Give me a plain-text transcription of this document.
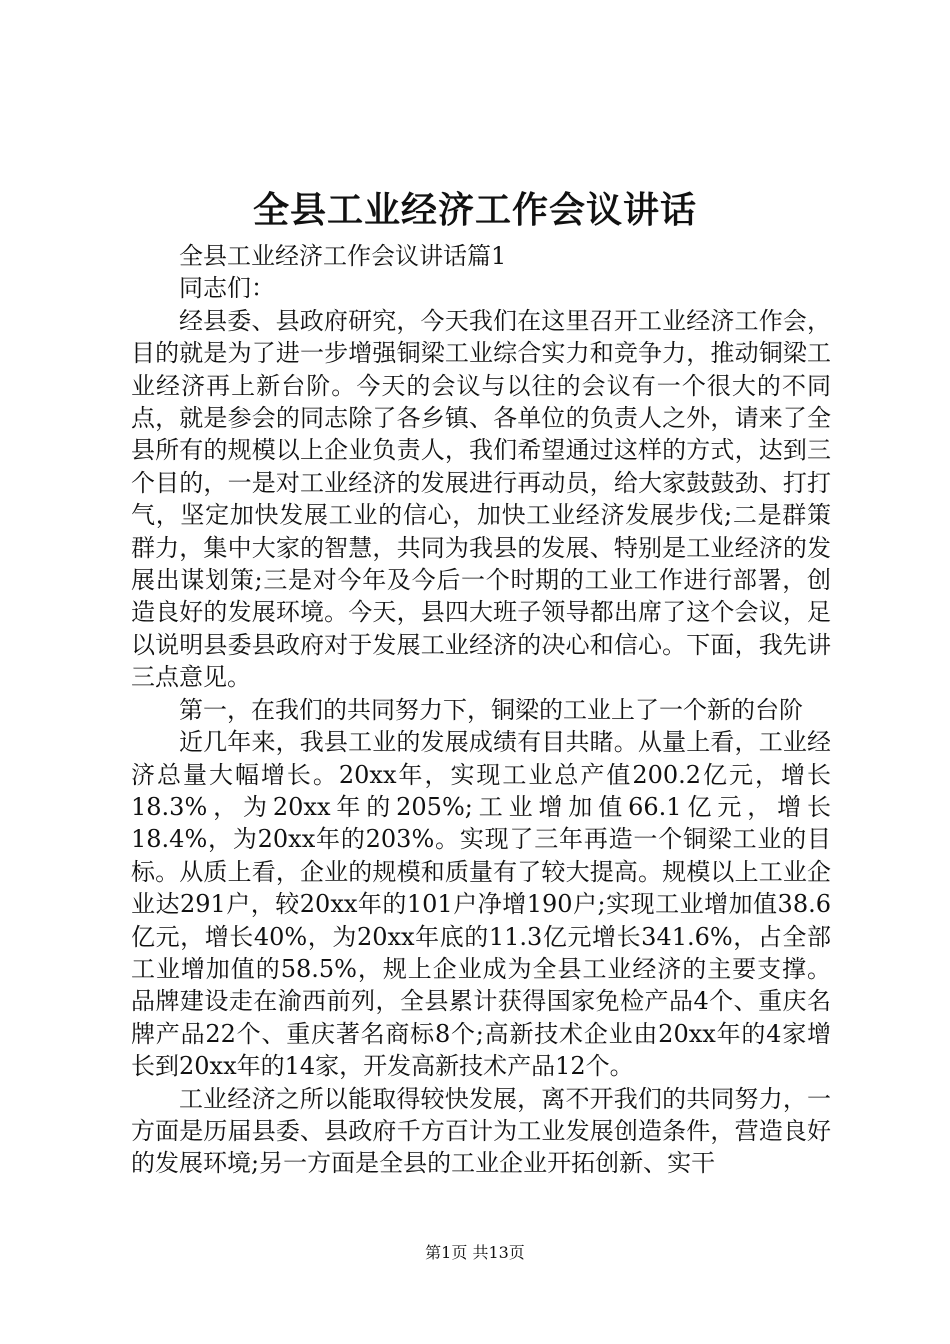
全县工业经济工作会议讲话

全县工业经济工作会议讲话篇1

同志们：

经县委、县政府研究，今天我们在这里召开工业经济工作会，目的就是为了进一步增强铜梁工业综合实力和竞争力，推动铜梁工业经济再上新台阶。今天的会议与以往的会议有一个很大的不同点，就是参会的同志除了各乡镇、各单位的负责人之外，请来了全县所有的规模以上企业负责人，我们希望通过这样的方式，达到三个目的，一是对工业经济的发展进行再动员，给大家鼓鼓劲、打打气，坚定加快发展工业的信心，加快工业经济发展步伐;二是群策群力，集中大家的智慧，共同为我县的发展、特别是工业经济的发展出谋划策;三是对今年及今后一个时期的工业工作进行部署，创造良好的发展环境。今天，县四大班子领导都出席了这个会议，足以说明县委县政府对于发展工业经济的决心和信心。下面，我先讲三点意见。

第一，在我们的共同努力下，铜梁的工业上了一个新的台阶

近几年来，我县工业的发展成绩有目共睹。从量上看，工业经济总量大幅增长。20xx年，实现工业总产值200.2亿元，增长18.3%，为20xx年的205%;工业增加值66.1亿元，增长18.4%，为20xx年的203%。实现了三年再造一个铜梁工业的目标。从质上看，企业的规模和质量有了较大提高。规模以上工业企业达291户，较20xx年的101户净增190户;实现工业增加值38.6亿元，增长40%，为20xx年底的11.3亿元增长341.6%，占全部工业增加值的58.5%，规上企业成为全县工业经济的主要支撑。品牌建设走在渝西前列，全县累计获得国家免检产品4个、重庆名牌产品22个、重庆著名商标8个;高新技术企业由20xx年的4家增长到20xx年的14家，开发高新技术产品12个。

工业经济之所以能取得较快发展，离不开我们的共同努力，一方面是历届县委、县政府千方百计为工业发展创造条件，营造良好的发展环境;另一方面是全县的工业企业开拓创新、实干

第1页 共13页
